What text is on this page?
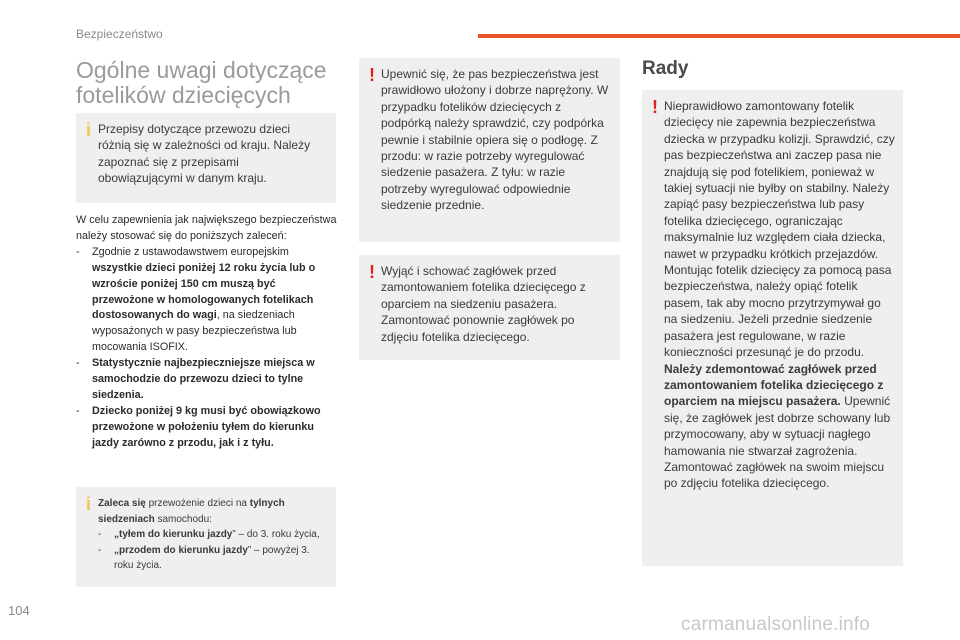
Bezpieczeństwo
Ogólne uwagi dotyczące fotelików dziecięcych
i Przepisy dotyczące przewozu dzieci różnią się w zależności od kraju. Należy zapoznać się z przepisami obowiązującymi w danym kraju.
W celu zapewnienia jak największego bezpieczeństwa należy stosować się do poniższych zaleceń:
-	Zgodnie z ustawodawstwem europejskim wszystkie dzieci poniżej 12 roku życia lub o wzroście poniżej 150 cm muszą być przewożone w homologowanych fotelikach dostosowanych do wagi, na siedzeniach wyposażonych w pasy bezpieczeństwa lub mocowania ISOFIX.
-	Statystycznie najbezpieczniejsze miejsca w samochodzie do przewozu dzieci to tylne siedzenia.
-	Dziecko poniżej 9 kg musi być obowiązkowo przewożone w położeniu tyłem do kierunku jazdy zarówno z przodu, jak i z tyłu.
i Zaleca się przewożenie dzieci na tylnych siedzeniach samochodu:
-	„tyłem do kierunku jazdy” – do 3. roku życia,
-	„przodem do kierunku jazdy” – powyżej 3. roku życia.
! Upewnić się, że pas bezpieczeństwa jest prawidłowo ułożony i dobrze naprężony. W przypadku fotelików dziecięcych z podpórką należy sprawdzić, czy podpórka pewnie i stabilnie opiera się o podłogę. Z przodu: w razie potrzeby wyregulować siedzenie pasażera. Z tyłu: w razie potrzeby wyregulować odpowiednie siedzenie przednie.
! Wyjąć i schować zagłówek przed zamontowaniem fotelika dziecięcego z oparciem na siedzeniu pasażera. Zamontować ponownie zagłówek po zdjęciu fotelika dziecięcego.
Rady
! Nieprawidłowo zamontowany fotelik dziecięcy nie zapewnia bezpieczeństwa dziecka w przypadku kolizji. Sprawdzić, czy pas bezpieczeństwa ani zaczep pasa nie znajdują się pod fotelikiem, ponieważ w takiej sytuacji nie byłby on stabilny. Należy zapiąć pasy bezpieczeństwa lub pasy fotelika dziecięcego, ograniczając maksymalnie luz względem ciała dziecka, nawet w przypadku krótkich przejazdów. Montując fotelik dziecięcy za pomocą pasa bezpieczeństwa, należy opiąć fotelik pasem, tak aby mocno przytrzymywał go na siedzeniu. Jeżeli przednie siedzenie pasażera jest regulowane, w razie konieczności przesunąć je do przodu. Należy zdemontować zagłówek przed zamontowaniem fotelika dziecięcego z oparciem na miejscu pasażera. Upewnić się, że zagłówek jest dobrze schowany lub przymocowany, aby w sytuacji nagłego hamowania nie stwarzał zagrożenia. Zamontować zagłówek na swoim miejscu po zdjęciu fotelika dziecięcego.
104
carmanualsonline.info
